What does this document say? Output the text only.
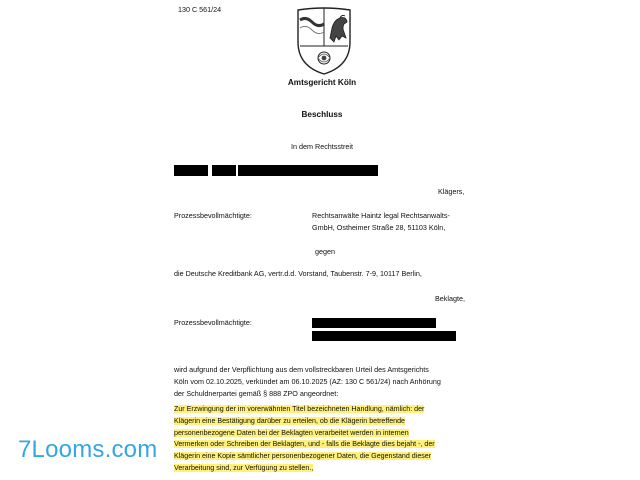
130 C 561/24
Amtsgericht Köln
Beschluss
In dem Rechtsstreit
Klägers,
Prozessbevollmächtigte:	Rechtsanwälte Haintz legal Rechtsanwalts-
GmbH, Ostheimer Straße 28, 51103 Köln,
gegen
die Deutsche Kreditbank AG, vertr.d.d. Vorstand, Taubenstr. 7-9, 10117 Berlin,
Beklagte,
Prozessbevollmächtigte:
wird aufgrund der Verpflichtung aus dem vollstreckbaren Urteil des Amtsgerichts
Köln vom 02.10.2025, verkündet am 06.10.2025 (AZ: 130 C 561/24) nach Anhörung
der Schuldnerpartei gemäß § 888 ZPO angeordnet:
Zur Erzwingung der im vorerwähnten Titel bezeichneten Handlung, nämlich: der
Klägerin eine Bestätigung darüber zu erteilen, ob die Klägerin betreffende
personenbezogene Daten bei der Beklagten verarbeitet werden in internen
Vermerken oder Schreiben der Beklagten, und - falls die Beklagte dies bejaht -, der
Klägerin eine Kopie sämtlicher personenbezogener Daten, die Gegenstand dieser
Verarbeitung sind, zur Verfügung zu stellen.,
7Looms.com
